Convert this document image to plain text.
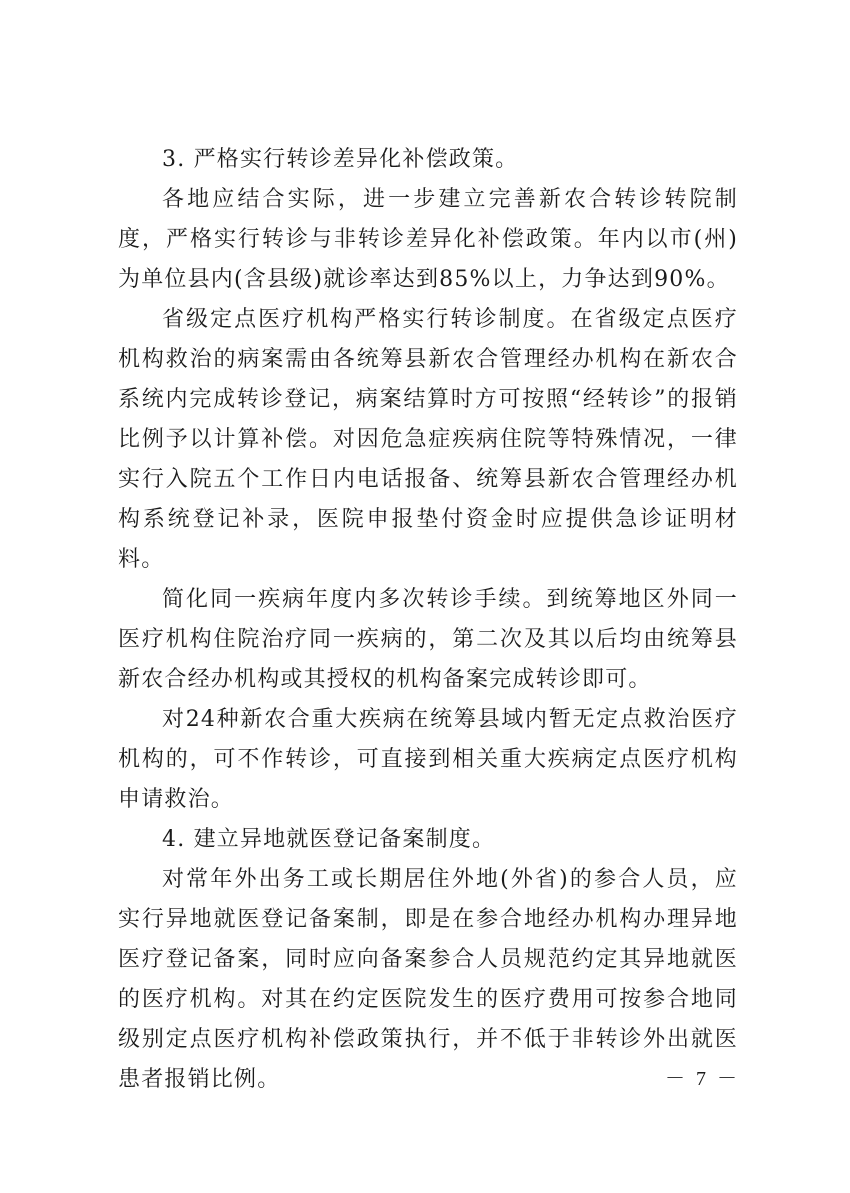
3. 严格实行转诊差异化补偿政策。

各地应结合实际，进一步建立完善新农合转诊转院制度，严格实行转诊与非转诊差异化补偿政策。年内以市(州)为单位县内(含县级)就诊率达到85%以上，力争达到90%。

省级定点医疗机构严格实行转诊制度。在省级定点医疗机构救治的病案需由各统筹县新农合管理经办机构在新农合系统内完成转诊登记，病案结算时方可按照“经转诊”的报销比例予以计算补偿。对因危急症疾病住院等特殊情况，一律实行入院五个工作日内电话报备、统筹县新农合管理经办机构系统登记补录，医院申报垫付资金时应提供急诊证明材料。

简化同一疾病年度内多次转诊手续。到统筹地区外同一医疗机构住院治疗同一疾病的，第二次及其以后均由统筹县新农合经办机构或其授权的机构备案完成转诊即可。

对24种新农合重大疾病在统筹县域内暂无定点救治医疗机构的，可不作转诊，可直接到相关重大疾病定点医疗机构申请救治。

4. 建立异地就医登记备案制度。

对常年外出务工或长期居住外地(外省)的参合人员，应实行异地就医登记备案制，即是在参合地经办机构办理异地医疗登记备案，同时应向备案参合人员规范约定其异地就医的医疗机构。对其在约定医院发生的医疗费用可按参合地同级别定点医疗机构补偿政策执行，并不低于非转诊外出就医患者报销比例。	－ 7 －
